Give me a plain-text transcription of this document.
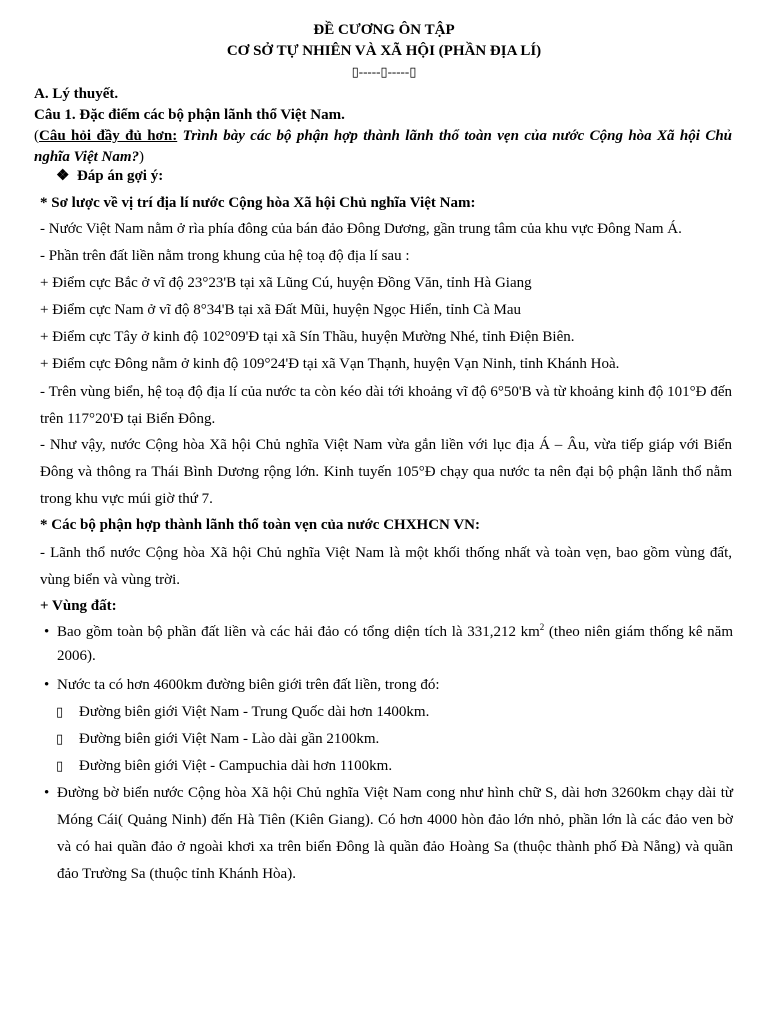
ĐỀ CƯƠNG ÔN TẬP
CƠ SỞ TỰ NHIÊN VÀ XÃ HỘI (PHẦN ĐỊA LÍ)
▯-----▯-----▯
A. Lý thuyết.
Câu 1. Đặc điểm các bộ phận lãnh thổ Việt Nam.
(Câu hỏi đầy đủ hơn: Trình bày các bộ phận hợp thành lãnh thổ toàn vẹn của nước Cộng hòa Xã hội Chủ nghĩa Việt Nam?)
❖ Đáp án gợi ý:
* Sơ lược về vị trí địa lí nước Cộng hòa Xã hội Chủ nghĩa Việt Nam:
- Nước Việt Nam nằm ở rìa phía đông của bán đảo Đông Dương, gần trung tâm của khu vực Đông Nam Á.
- Phần trên đất liền nằm trong khung của hệ toạ độ địa lí sau :
+ Điểm cực Bắc ở vĩ độ 23°23'B tại xã Lũng Cú, huyện Đồng Văn, tỉnh Hà Giang
+ Điểm cực Nam ở vĩ độ 8°34'B tại xã Đất Mũi, huyện Ngọc Hiển, tỉnh Cà Mau
+ Điểm cực Tây ở kinh độ 102°09'Đ tại xã Sín Thầu, huyện Mường Nhé, tỉnh Điện Biên.
+ Điểm cực Đông nằm ở kinh độ 109°24'Đ tại xã Vạn Thạnh, huyện Vạn Ninh, tỉnh Khánh Hoà.
- Trên vùng biển, hệ toạ độ địa lí của nước ta còn kéo dài tới khoảng vĩ độ 6°50'B và từ khoảng kinh độ 101°Đ đến trên 117°20'Đ tại Biển Đông.
- Như vậy, nước Cộng hòa Xã hội Chủ nghĩa Việt Nam vừa gắn liền với lục địa Á – Âu, vừa tiếp giáp với Biển Đông và thông ra Thái Bình Dương rộng lớn. Kinh tuyến 105°Đ chạy qua nước ta nên đại bộ phận lãnh thổ nằm trong khu vực múi giờ thứ 7.
* Các bộ phận hợp thành lãnh thổ toàn vẹn của nước CHXHCN VN:
- Lãnh thổ nước Cộng hòa Xã hội Chủ nghĩa Việt Nam là một khối thống nhất và toàn vẹn, bao gồm vùng đất, vùng biển và vùng trời.
+ Vùng đất:
• Bao gồm toàn bộ phần đất liền và các hải đảo có tổng diện tích là 331,212 $km^2$ (theo niên giám thống kê năm 2006).
• Nước ta có hơn 4600km đường biên giới trên đất liền, trong đó:
▯ Đường biên giới Việt Nam - Trung Quốc dài hơn 1400km.
▯ Đường biên giới Việt Nam - Lào dài gần 2100km.
▯ Đường biên giới Việt - Campuchia dài hơn 1100km.
• Đường bờ biển nước Cộng hòa Xã hội Chủ nghĩa Việt Nam cong như hình chữ S, dài hơn 3260km chạy dài từ Móng Cái( Quảng Ninh) đến Hà Tiên (Kiên Giang). Có hơn 4000 hòn đảo lớn nhỏ, phần lớn là các đảo ven bờ và có hai quần đảo ở ngoài khơi xa trên biển Đông là quần đảo Hoàng Sa (thuộc thành phố Đà Nẵng) và quần đảo Trường Sa (thuộc tỉnh Khánh Hòa).
